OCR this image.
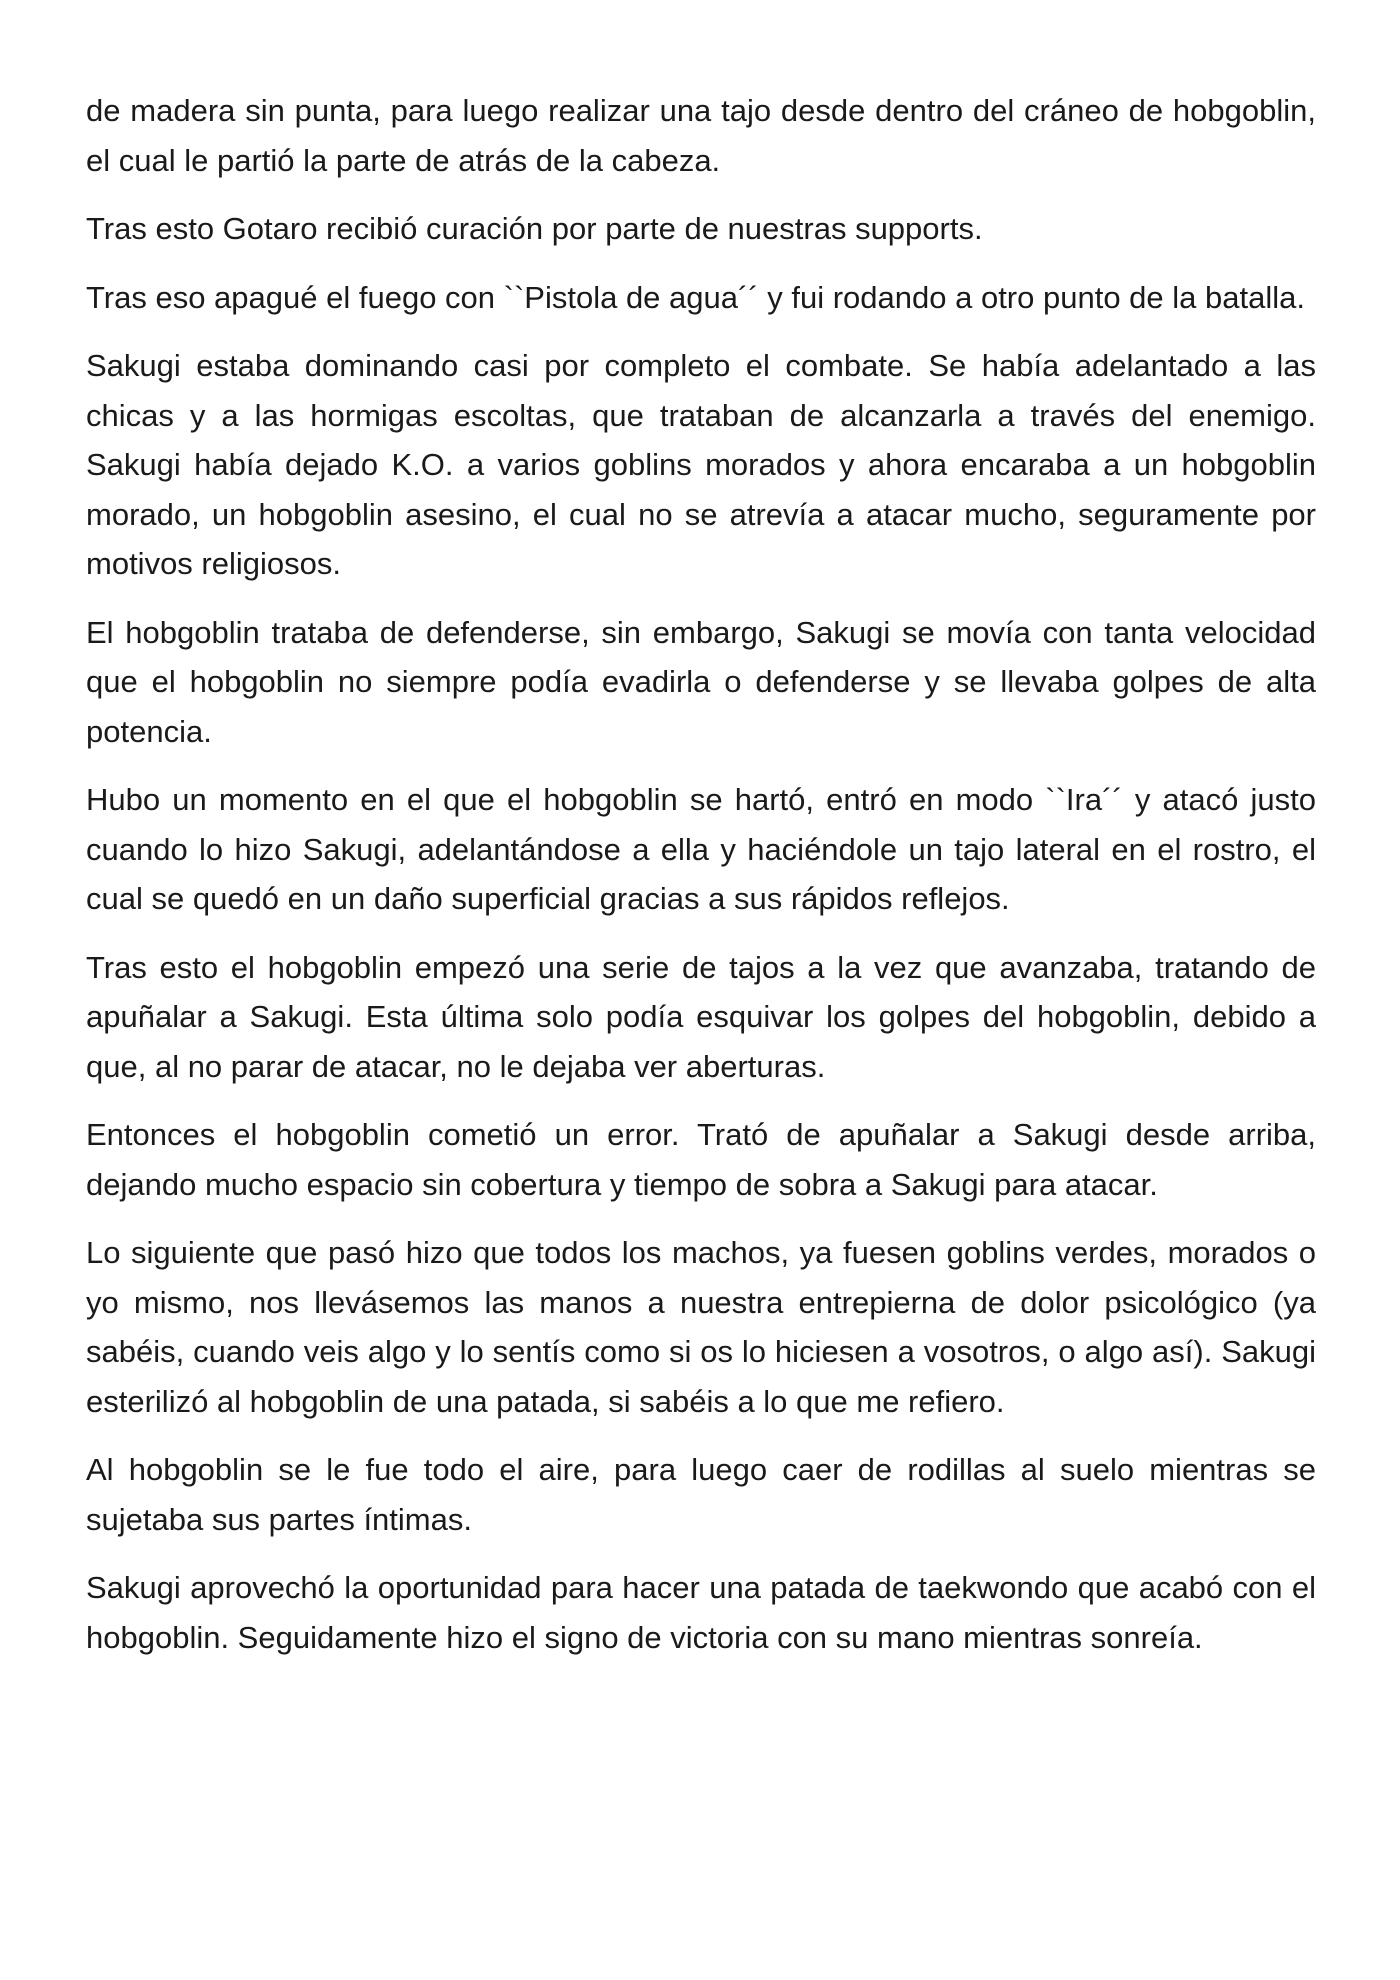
de madera sin punta, para luego realizar una tajo desde dentro del cráneo de hobgoblin, el cual le partió la parte de atrás de la cabeza.

Tras esto Gotaro recibió curación por parte de nuestras supports.

Tras eso apagué el fuego con ``Pistola de agua´´ y fui rodando a otro punto de la batalla.

Sakugi estaba dominando casi por completo el combate. Se había adelantado a las chicas y a las hormigas escoltas, que trataban de alcanzarla a través del enemigo. Sakugi había dejado K.O. a varios goblins morados y ahora encaraba a un hobgoblin morado, un hobgoblin asesino, el cual no se atrevía a atacar mucho, seguramente por motivos religiosos.

El hobgoblin trataba de defenderse, sin embargo, Sakugi se movía con tanta velocidad que el hobgoblin no siempre podía evadirla o defenderse y se llevaba golpes de alta potencia.

Hubo un momento en el que el hobgoblin se hartó, entró en modo ``Ira´´ y atacó justo cuando lo hizo Sakugi, adelantándose a ella y haciéndole un tajo lateral en el rostro, el cual se quedó en un daño superficial gracias a sus rápidos reflejos.

Tras esto el hobgoblin empezó una serie de tajos a la vez que avanzaba, tratando de apuñalar a Sakugi. Esta última solo podía esquivar los golpes del hobgoblin, debido a que, al no parar de atacar, no le dejaba ver aberturas.

Entonces el hobgoblin cometió un error. Trató de apuñalar a Sakugi desde arriba, dejando mucho espacio sin cobertura y tiempo de sobra a Sakugi para atacar.

Lo siguiente que pasó hizo que todos los machos, ya fuesen goblins verdes, morados o yo mismo, nos llevásemos las manos a nuestra entrepierna de dolor psicológico (ya sabéis, cuando veis algo y lo sentís como si os lo hiciesen a vosotros, o algo así). Sakugi esterilizó al hobgoblin de una patada, si sabéis a lo que me refiero.

Al hobgoblin se le fue todo el aire, para luego caer de rodillas al suelo mientras se sujetaba sus partes íntimas.

Sakugi aprovechó la oportunidad para hacer una patada de taekwondo que acabó con el hobgoblin. Seguidamente hizo el signo de victoria con su mano mientras sonreía.
